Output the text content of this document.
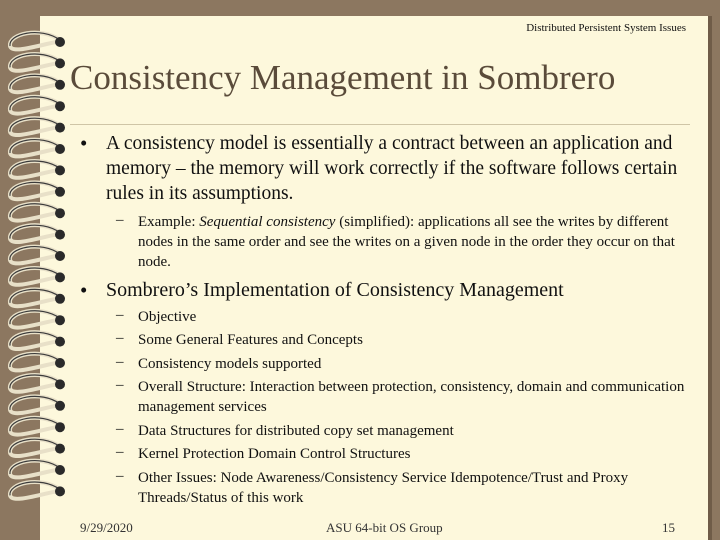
Distributed Persistent System Issues
Consistency Management in Sombrero
• A consistency model is essentially a contract between an application and memory – the memory will work correctly if the software follows certain rules in its assumptions.
– Example: Sequential consistency (simplified): applications all see the writes by different nodes in the same order and see the writes on a given node in the order they occur on that node.
• Sombrero’s Implementation of Consistency Management
– Objective
– Some General Features and Concepts
– Consistency models supported
– Overall Structure: Interaction between protection, consistency, domain and communication management services
– Data Structures for distributed copy set management
– Kernel Protection Domain Control Structures
– Other Issues: Node Awareness/Consistency Service Idempotence/Trust and Proxy Threads/Status of this work
9/29/2020	ASU 64-bit OS Group	15
